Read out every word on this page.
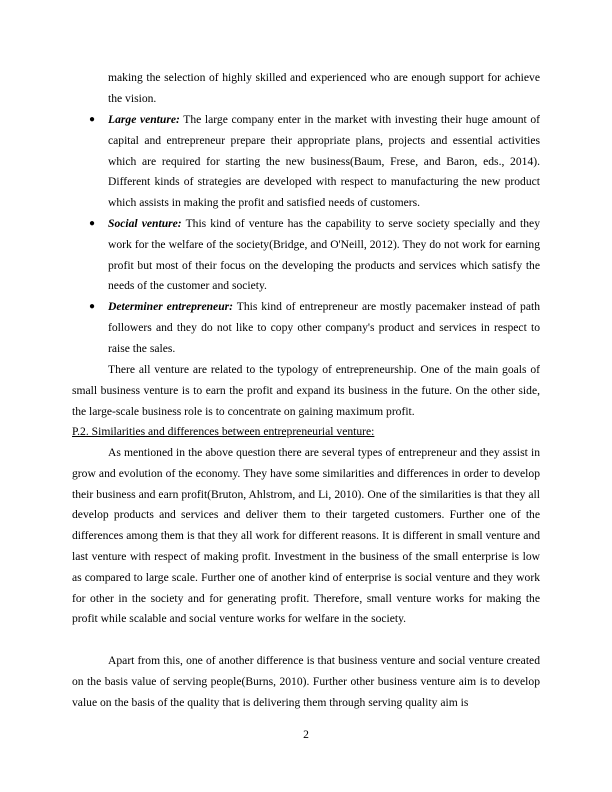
making the selection of highly skilled and experienced who are enough support for achieve the vision.
● Large venture: The large company enter in the market with investing their huge amount of capital and entrepreneur prepare their appropriate plans, projects and essential activities which are required for starting the new business(Baum, Frese, and Baron, eds., 2014). Different kinds of strategies are developed with respect to manufacturing the new product which assists in making the profit and satisfied needs of customers.
● Social venture: This kind of venture has the capability to serve society specially and they work for the welfare of the society(Bridge, and O'Neill, 2012). They do not work for earning profit but most of their focus on the developing the products and services which satisfy the needs of the customer and society.
● Determiner entrepreneur: This kind of entrepreneur are mostly pacemaker instead of path followers and they do not like to copy other company's product and services in respect to raise the sales.
There all venture are related to the typology of entrepreneurship. One of the main goals of small business venture is to earn the profit and expand its business in the future. On the other side, the large-scale business role is to concentrate on gaining maximum profit.
P.2. Similarities and differences between entrepreneurial venture:
As mentioned in the above question there are several types of entrepreneur and they assist in grow and evolution of the economy. They have some similarities and differences in order to develop their business and earn profit(Bruton, Ahlstrom, and Li, 2010). One of the similarities is that they all develop products and services and deliver them to their targeted customers. Further one of the differences among them is that they all work for different reasons. It is different in small venture and last venture with respect of making profit. Investment in the business of the small enterprise is low as compared to large scale. Further one of another kind of enterprise is social venture and they work for other in the society and for generating profit. Therefore, small venture works for making the profit while scalable and social venture works for welfare in the society.
Apart from this, one of another difference is that business venture and social venture created on the basis value of serving people(Burns, 2010). Further other business venture aim is to develop value on the basis of the quality that is delivering them through serving quality aim is
2
